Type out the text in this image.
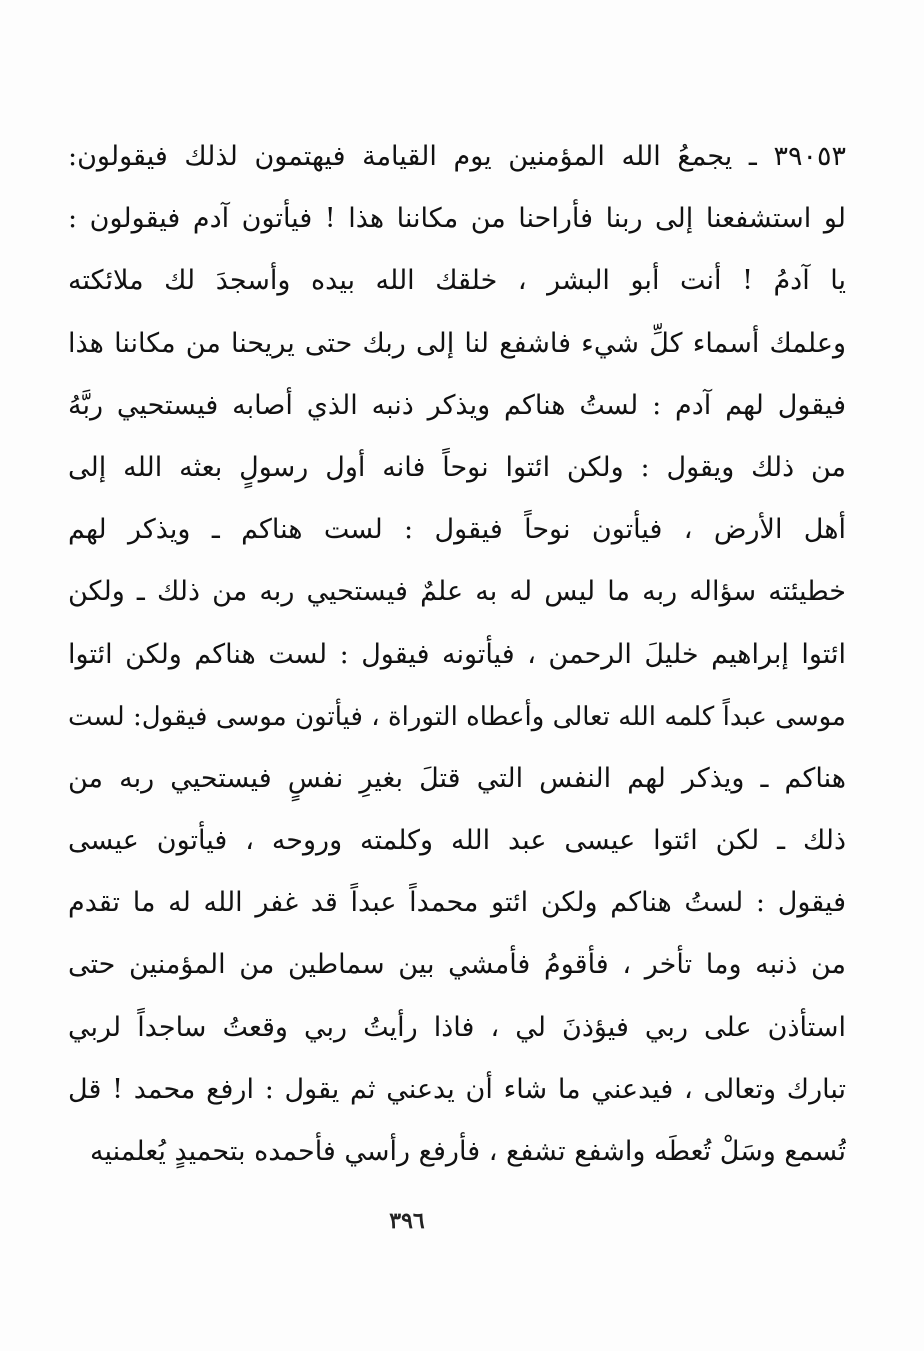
٣٩٠٥٣ ـ يجمعُ الله المؤمنين يوم القيامة فيهتمون لذلك فيقولون:
لو استشفعنا إلى ربنا فأراحنا من مكاننا هذا ! فيأتون آدم فيقولون :
يا آدمُ ! أنت أبو البشر ، خلقك الله بيده وأسجدَ لك ملائكته
وعلمك أسماء كلِّ شيء فاشفع لنا إلى ربك حتى يريحنا من مكاننا هذا
فيقول لهم آدم : لستُ هناكم ويذكر ذنبه الذي أصابه فيستحيي ربَّهُ
من ذلك ويقول : ولكن ائتوا نوحاً فانه أول رسولٍ بعثه الله إلى
أهل الأرض ، فيأتون نوحاً فيقول : لست هناكم ـ ويذكر لهم
خطيئته سؤاله ربه ما ليس له به علمٌ فيستحيي ربه من ذلك ـ ولكن
ائتوا إبراهيم خليلَ الرحمن ، فيأتونه فيقول : لست هناكم ولكن ائتوا
موسى عبداً كلمه الله تعالى وأعطاه التوراة ، فيأتون موسى فيقول: لست
هناكم ـ ويذكر لهم النفس التي قتلَ بغيرِ نفسٍ فيستحيي ربه من
ذلك ـ لكن ائتوا عيسى عبد الله وكلمته وروحه ، فيأتون عيسى
فيقول : لستُ هناكم ولكن ائتو محمداً عبداً قد غفر الله له ما تقدم
من ذنبه وما تأخر ، فأقومُ فأمشي بين سماطين من المؤمنين حتى
استأذن على ربي فيؤذنَ لي ، فاذا رأيتُ ربي وقعتُ ساجداً لربي
تبارك وتعالى ، فيدعني ما شاء أن يدعني ثم يقول : ارفع محمد ! قل
تُسمع وسَلْ تُعطَه واشفع تشفع ، فأرفع رأسي فأحمده بتحميدٍ يُعلمنيه
٣٩٦
